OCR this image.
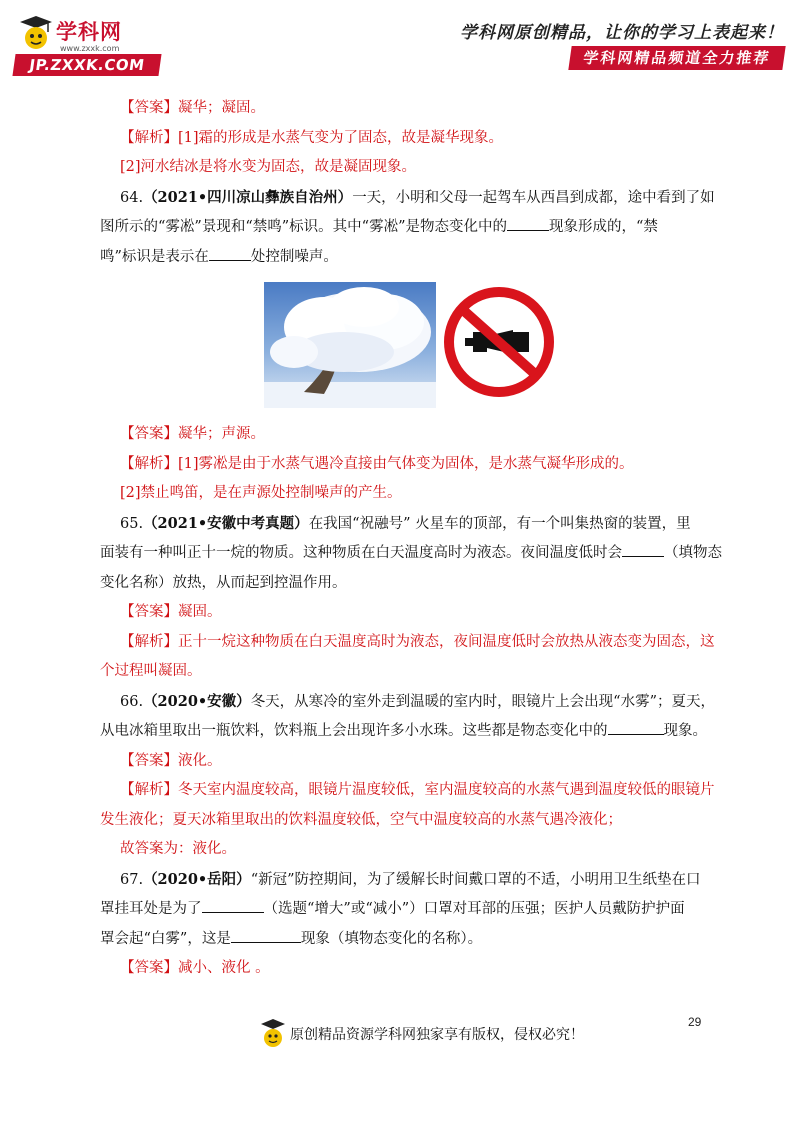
学科网
www.zxxk.com
JP.ZXXK.COM
学科网原创精品，让你的学习上表起来！
学科网精品频道全力推荐
【答案】凝华；凝固。
【解析】[1]霜的形成是水蒸气变为了固态，故是凝华现象。
[2]河水结冰是将水变为固态，故是凝固现象。
64.（2021•四川凉山彝族自治州）一天，小明和父母一起驾车从西昌到成都，途中看到了如
图所示的“雾凇”景现和“禁鸣”标识。其中“雾凇”是物态变化中的	现象形成的，“禁
鸣”标识是表示在	处控制噪声。
【答案】凝华；声源。
【解析】[1]雾凇是由于水蒸气遇冷直接由气体变为固体，是水蒸气凝华形成的。
[2]禁止鸣笛，是在声源处控制噪声的产生。
65.（2021•安徽中考真题）在我国“祝融号” 火星车的顶部，有一个叫集热窗的装置，里
面装有一种叫正十一烷的物质。这种物质在白天温度高时为液态。夜间温度低时会	（填物态
变化名称）放热，从而起到控温作用。
【答案】凝固。
【解析】正十一烷这种物质在白天温度高时为液态，夜间温度低时会放热从液态变为固态，这
个过程叫凝固。
66.（2020•安徽）冬天，从寒冷的室外走到温暖的室内时，眼镜片上会出现“水雾”；夏天，
从电冰箱里取出一瓶饮料，饮料瓶上会出现许多小水珠。这些都是物态变化中的	现象。
【答案】液化。
【解析】冬天室内温度较高，眼镜片温度较低，室内温度较高的水蒸气遇到温度较低的眼镜片
发生液化；夏天冰箱里取出的饮料温度较低，空气中温度较高的水蒸气遇冷液化；
故答案为：液化。
67.（2020•岳阳）“新冠”防控期间，为了缓解长时间戴口罩的不适，小明用卫生纸垫在口
罩挂耳处是为了	（选题“增大”或“减小”）口罩对耳部的压强；医护人员戴防护护面
罩会起“白雾”，这是	现象（填物态变化的名称）。
【答案】减小、液化 。
29
原创精品资源学科网独家享有版权，侵权必究！
